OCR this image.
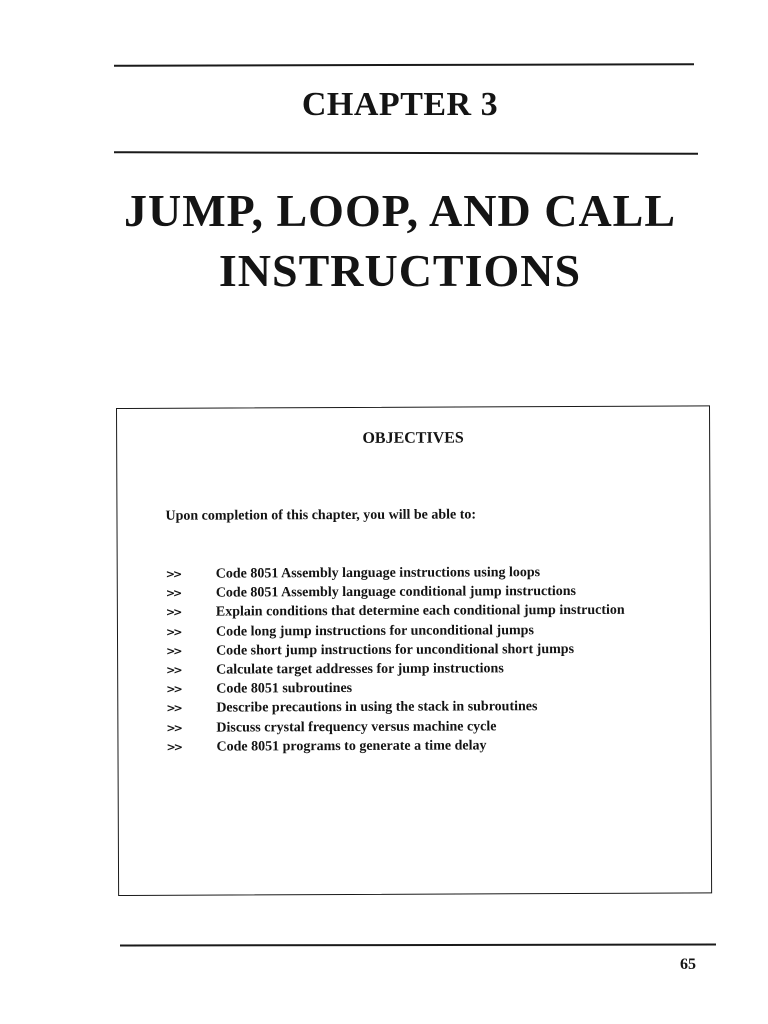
CHAPTER 3
JUMP, LOOP, AND CALL
INSTRUCTIONS
OBJECTIVES
Upon completion of this chapter, you will be able to:
>>	Code 8051 Assembly language instructions using loops
>>	Code 8051 Assembly language conditional jump instructions
>>	Explain conditions that determine each conditional jump instruction
>>	Code long jump instructions for unconditional jumps
>>	Code short jump instructions for unconditional short jumps
>>	Calculate target addresses for jump instructions
>>	Code 8051 subroutines
>>	Describe precautions in using the stack in subroutines
>>	Discuss crystal frequency versus machine cycle
>>	Code 8051 programs to generate a time delay
65
